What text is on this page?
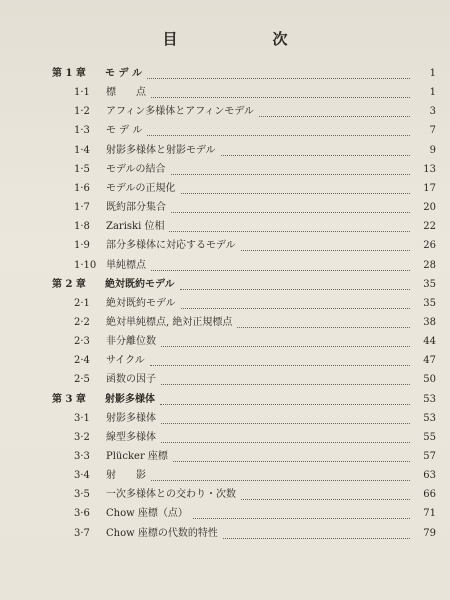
目　次
第 1 章 モ デ ル	1
1·1 標　　点	1
1·2 アフィン多様体とアフィンモデル	3
1·3 モ デ ル	7
1·4 射影多様体と射影モデル	9
1·5 モデルの結合	13
1·6 モデルの正規化	17
1·7 既約部分集合	20
1·8 Zariski 位相	22
1·9 部分多様体に対応するモデル	26
1·10 単純標点	28
第 2 章 絶対既約モデル	35
2·1 絶対既約モデル	35
2·2 絶対単純標点, 絶対正規標点	38
2·3 非分離位数	44
2·4 サイクル	47
2·5 函数の因子	50
第 3 章 射影多様体	53
3·1 射影多様体	53
3·2 線型多様体	55
3·3 Plücker 座標	57
3·4 射　　影	63
3·5 一次多様体との交わり・次数	66
3·6 Chow 座標（点）	71
3·7 Chow 座標の代数的特性	79
